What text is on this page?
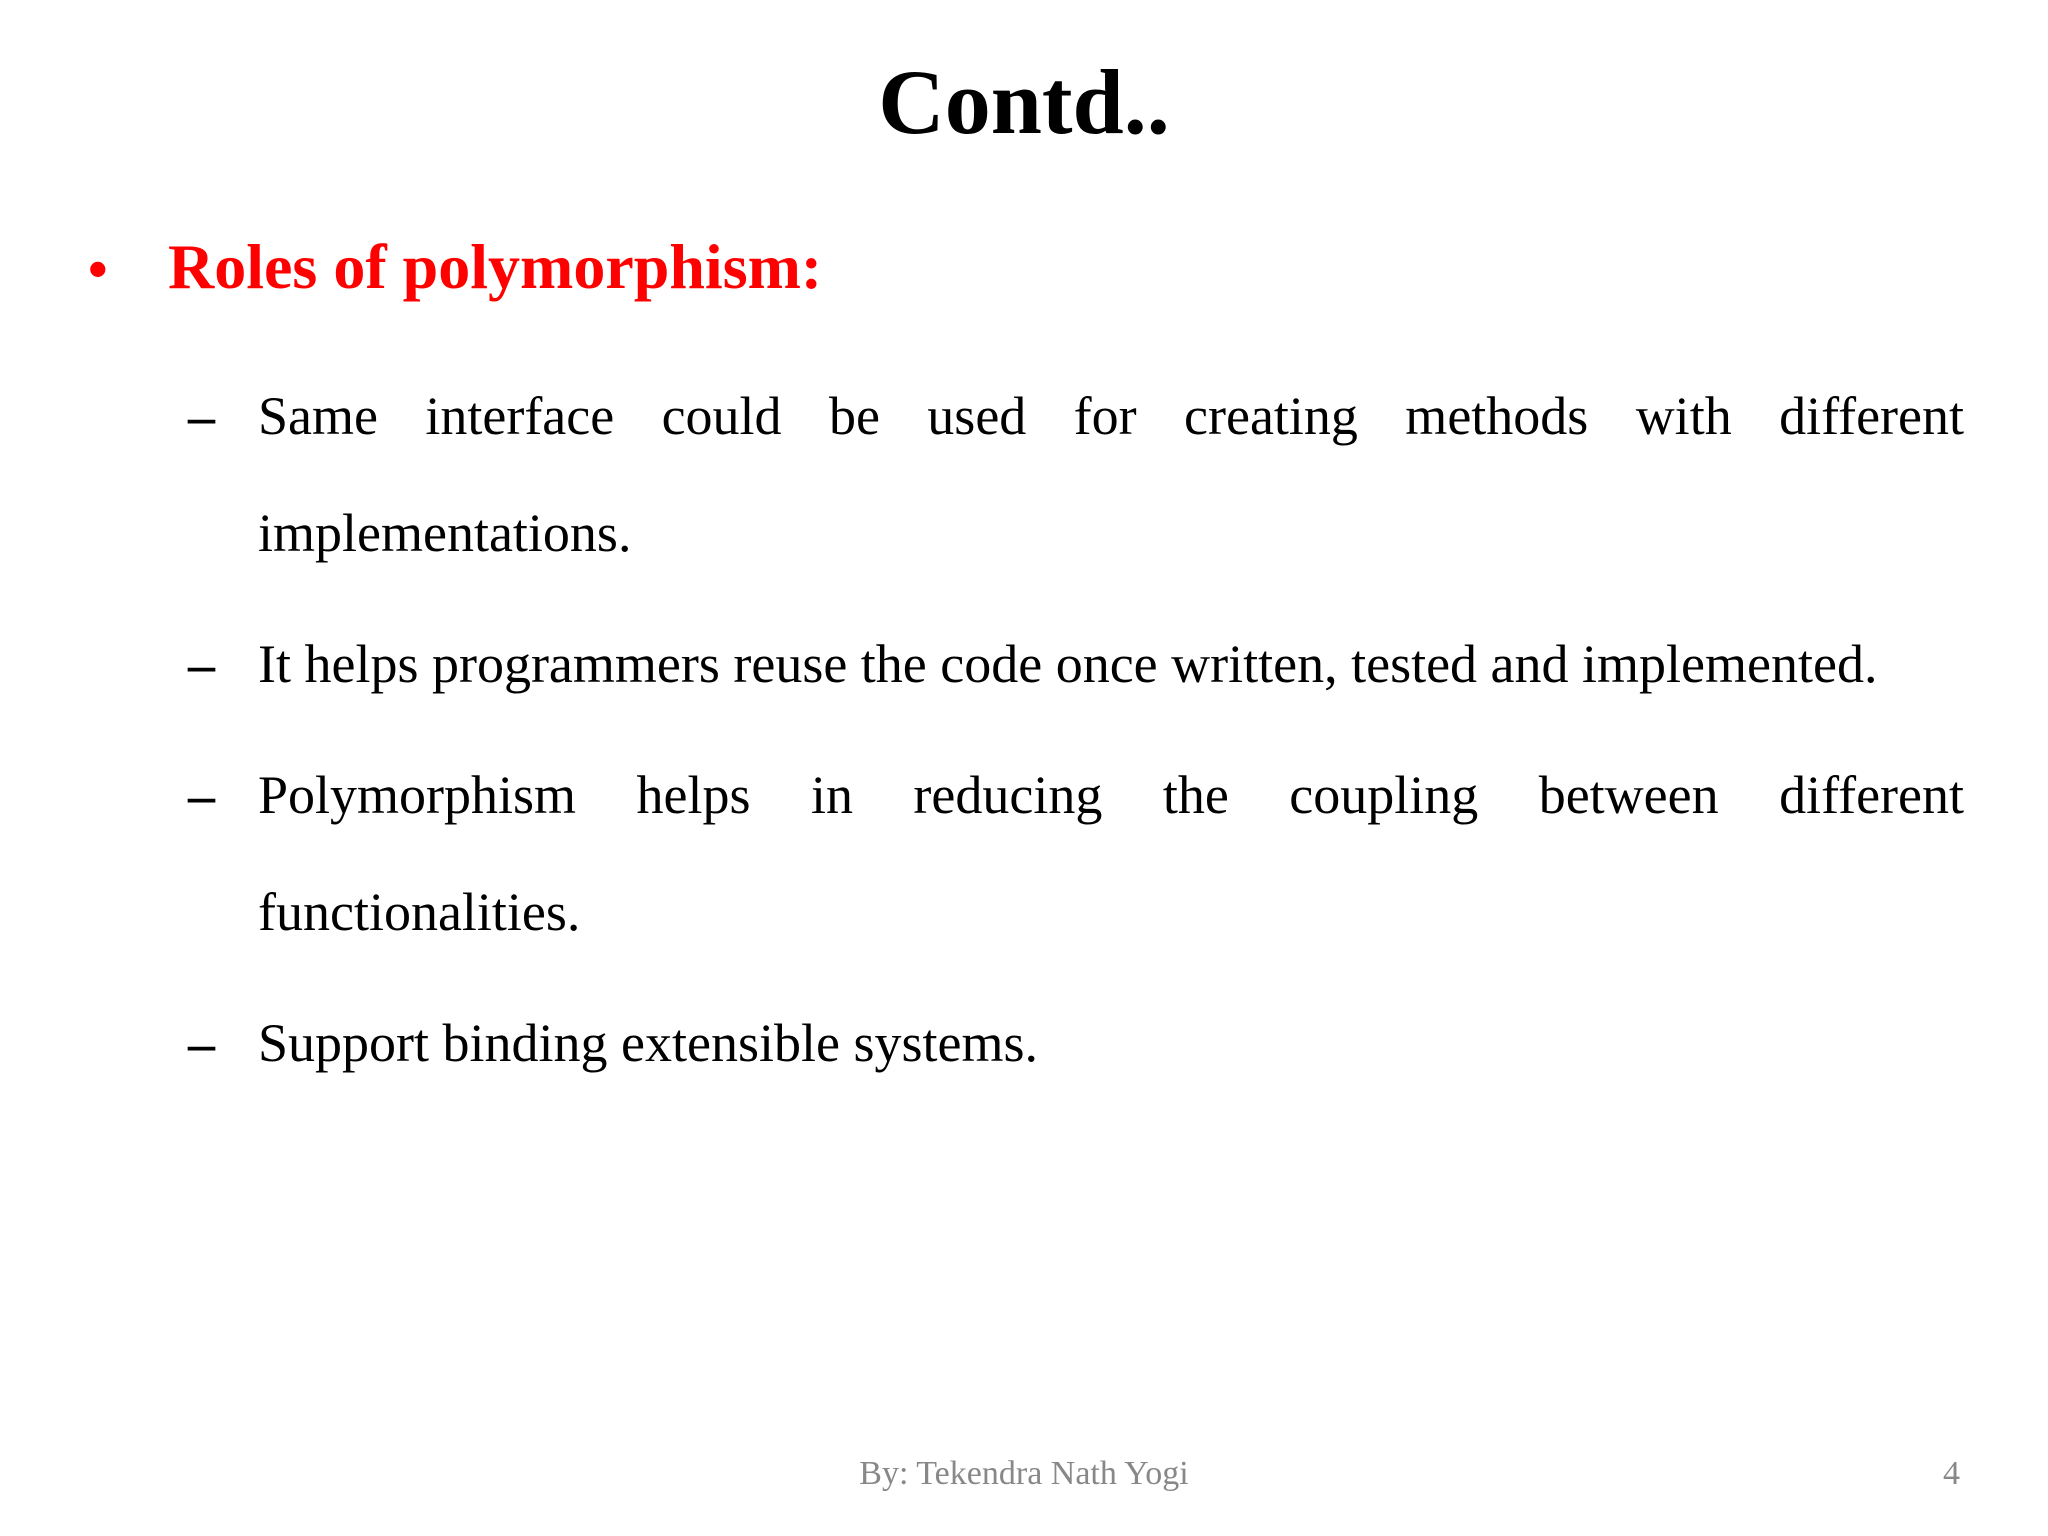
Contd..
• Roles of polymorphism:
– Same interface could be used for creating methods with different implementations.
– It helps programmers reuse the code once written, tested and implemented.
– Polymorphism helps in reducing the coupling between different functionalities.
– Support binding extensible systems.
By: Tekendra Nath Yogi	4
